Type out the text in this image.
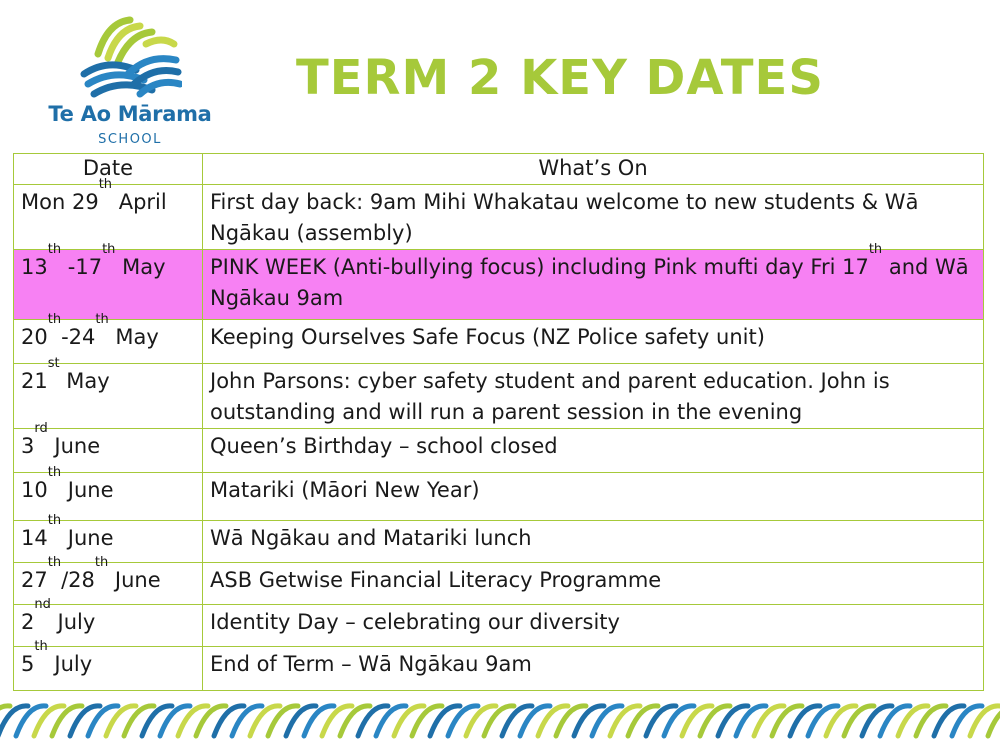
Te Ao Mārama
SCHOOL
TERM 2 KEY DATES
Date	What’s On
Mon 29th April	First day back: 9am Mihi Whakatau welcome to new students & Wā Ngākau (assembly)
13th -17th May	PINK WEEK (Anti-bullying focus) including Pink mufti day Fri 17th and Wā Ngākau 9am
20th-24th May	Keeping Ourselves Safe Focus (NZ Police safety unit)
21st May	John Parsons: cyber safety student and parent education. John is outstanding and will run a parent session in the evening
3rd June	Queen’s Birthday – school closed
10th June	Matariki (Māori New Year)
14th June	Wā Ngākau and Matariki lunch
27th/28th June	ASB Getwise Financial Literacy Programme
2nd July	Identity Day – celebrating our diversity
5th July	End of Term – Wā Ngākau 9am
